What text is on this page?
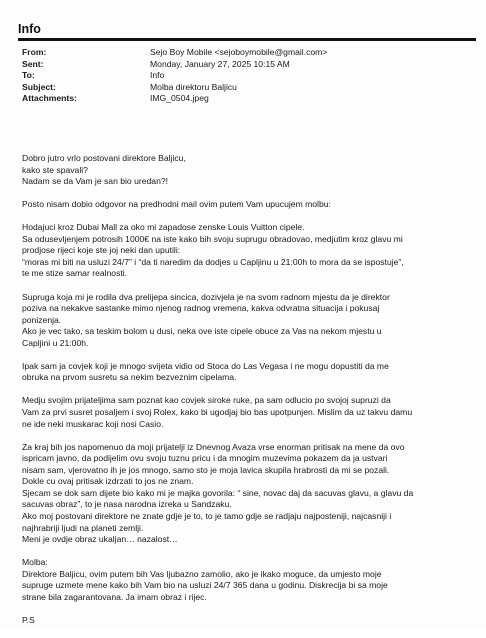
Info

From:	Sejo Boy Mobile <sejoboymobile@gmail.com>
Sent:	Monday, January 27, 2025 10:15 AM
To:	Info
Subject:	Molba direktoru Baljicu
Attachments:	IMG_0504.jpeg
Dobro jutro vrlo postovani direktore Baljicu,
kako ste spavali?
Nadam se da Vam je san bio uredan?!
Posto nisam dobio odgovor na predhodni mail ovim putem Vam upucujem molbu:
Hodajuci kroz Dubai Mall za oko mi zapadose zenske Louis Vuitton cipele.
Sa odusevljenjem potrosih 1000€ na iste kako bih svoju suprugu obradovao, medjutim kroz glavu mi
prodjose rijeci koje ste joj neki dan uputili:
“moras mi biti na usluzi 24/7” i “da ti naredim da dodjes u Capljinu u 21:00h to mora da se ispostuje”,
te me stize samar realnosti.
Supruga koja mi je rodila dva prelijepa sincica, dozivjela je na svom radnom mjestu da je direktor
poziva na nekakve sastanke mimo njenog radnog vremena, kakva odvratna situacija i pokusaj
ponizenja.
Ako je vec tako, sa teskim bolom u dusi, neka ove iste cipele obuce za Vas na nekom mjestu u
Capljini u 21:00h.
Ipak sam ja covjek koji je mnogo svijeta vidio od Stoca do Las Vegasa i ne mogu dopustiti da me
obruka na prvom susretu sa nekim bezveznim cipelama.
Medju svojim prijateljima sam poznat kao covjek siroke ruke, pa sam odlucio po svojoj supruzi da
Vam za prvi susret posaljem i svoj Rolex, kako bi ugodjaj bio bas upotpunjen. Mislim da uz takvu damu
ne ide neki muskarac koji nosi Casio.
Za kraj bih jos napomenuo da moji prijatelji iz Dnevnog Avaza vrse enorman pritisak na mene da ovo
ispricam javno, da podijelim ovu svoju tuznu pricu i da mnogim muzevima pokazem da ja ustvari
nisam sam, vjerovatno ih je jos mnogo, samo sto je moja lavica skupila hrabrosti da mi se pozali.
Dokle cu ovaj pritisak izdrzati to jos ne znam.
Sjecam se dok sam dijete bio kako mi je majka govorila: “ sine, novac daj da sacuvas glavu, a glavu da
sacuvas obraz”, to je nasa narodna izreka u Sandzaku.
Ako moj postovani direktore ne znate gdje je to, to je tamo gdje se radjaju najposteniji, najcasniji i
najhrabriji ljudi na planeti zemlji.
Meni je ovdje obraz ukaljan… nazalost…
Molba:
Direktore Baljicu, ovim putem bih Vas ljubazno zamolio, ako je ikako moguce, da umjesto moje
supruge uzmete mene kako bih Vam bio na usluzi 24/7 365 dana u godinu. Diskrecija bi sa moje
strane bila zagarantovana. Ja imam obraz i rijec.
P.S
